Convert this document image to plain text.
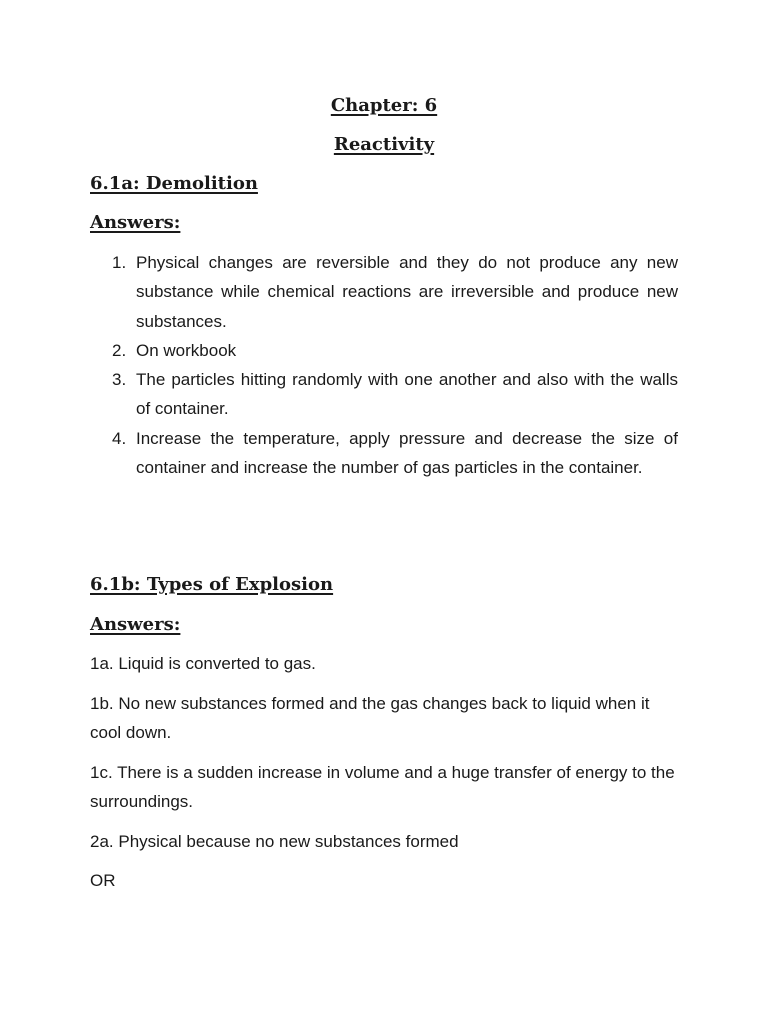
Chapter: 6
Reactivity
6.1a: Demolition
Answers:
1. Physical changes are reversible and they do not produce any new substance while chemical reactions are irreversible and produce new substances.
2. On workbook
3. The particles hitting randomly with one another and also with the walls of container.
4. Increase the temperature, apply pressure and decrease the size of container and increase the number of gas particles in the container.
6.1b: Types of Explosion
Answers:

1a. Liquid is converted to gas.

1b. No new substances formed and the gas changes back to liquid when it cool down.

1c. There is a sudden increase in volume and a huge transfer of energy to the surroundings.

2a. Physical because no new substances formed

OR
